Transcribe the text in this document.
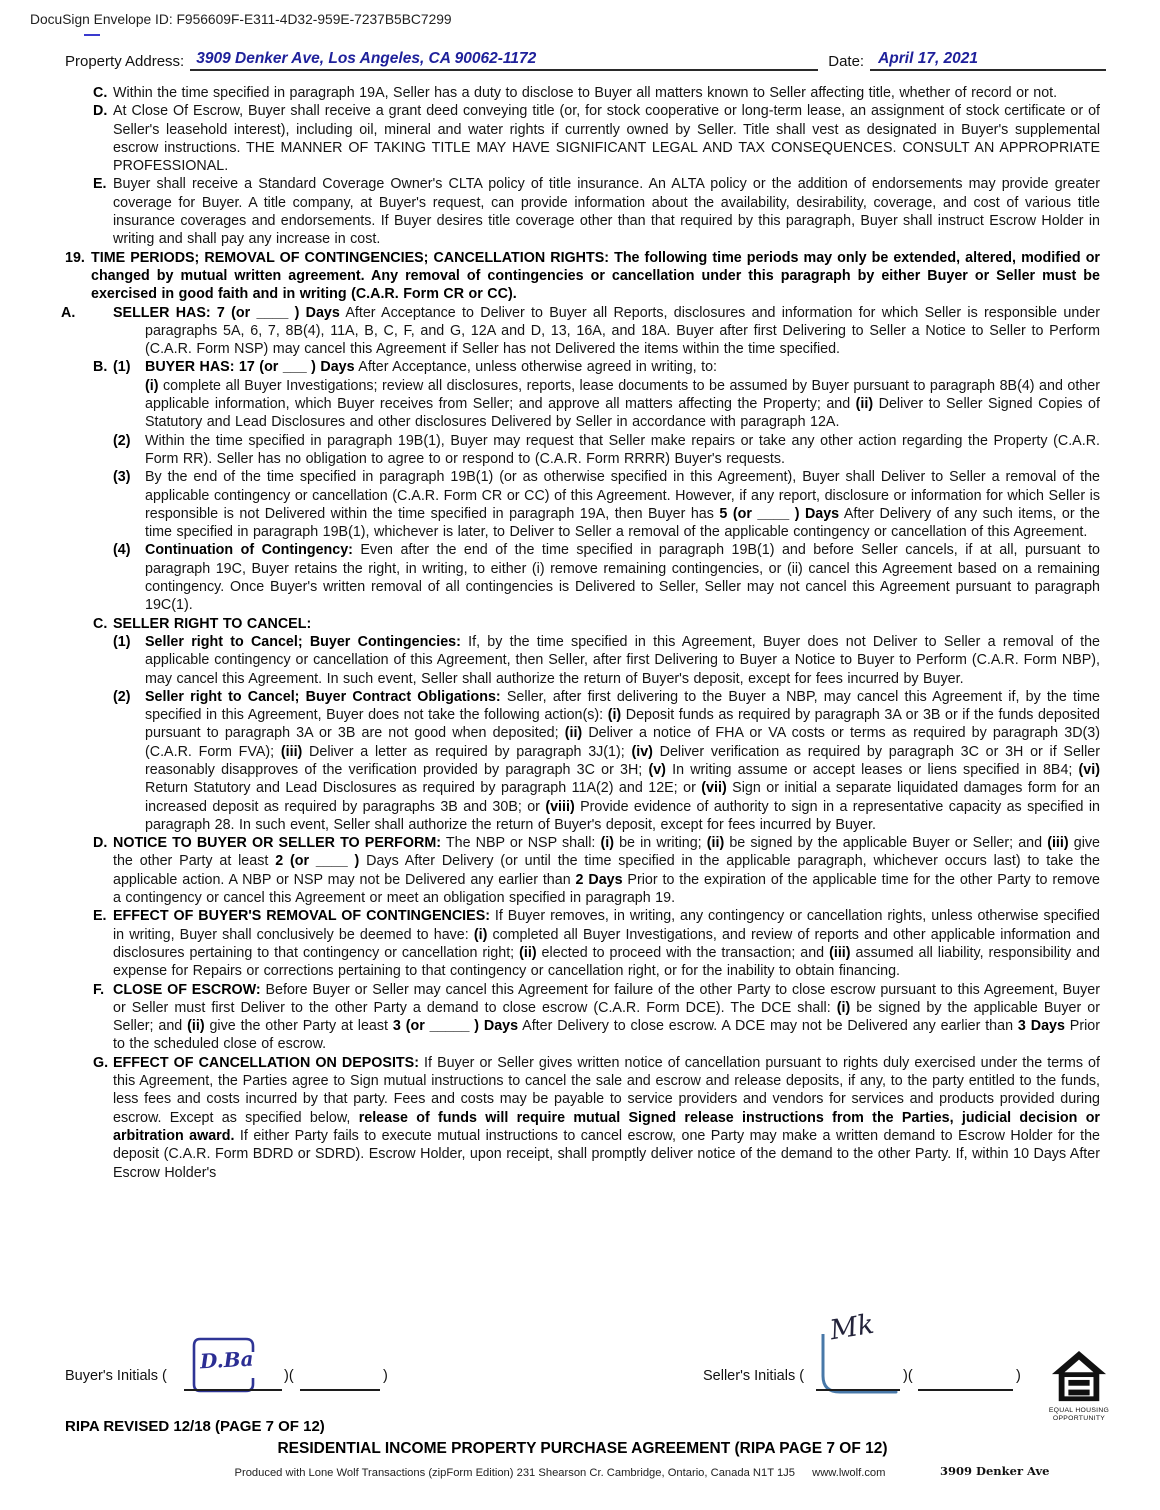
DocuSign Envelope ID: F956609F-E311-4D32-959E-7237B5BC7299
Property Address: 3909 Denker Ave, Los Angeles, CA 90062-1172	Date: April 17, 2021
C. Within the time specified in paragraph 19A, Seller has a duty to disclose to Buyer all matters known to Seller affecting title, whether of record or not.
D. At Close Of Escrow, Buyer shall receive a grant deed conveying title (or, for stock cooperative or long-term lease, an assignment of stock certificate or of Seller's leasehold interest), including oil, mineral and water rights if currently owned by Seller. Title shall vest as designated in Buyer's supplemental escrow instructions. THE MANNER OF TAKING TITLE MAY HAVE SIGNIFICANT LEGAL AND TAX CONSEQUENCES. CONSULT AN APPROPRIATE PROFESSIONAL.
E. Buyer shall receive a Standard Coverage Owner's CLTA policy of title insurance. An ALTA policy or the addition of endorsements may provide greater coverage for Buyer. A title company, at Buyer's request, can provide information about the availability, desirability, coverage, and cost of various title insurance coverages and endorsements. If Buyer desires title coverage other than that required by this paragraph, Buyer shall instruct Escrow Holder in writing and shall pay any increase in cost.
19. TIME PERIODS; REMOVAL OF CONTINGENCIES; CANCELLATION RIGHTS: The following time periods may only be extended, altered, modified or changed by mutual written agreement. Any removal of contingencies or cancellation under this paragraph by either Buyer or Seller must be exercised in good faith and in writing (C.A.R. Form CR or CC).
A.	SELLER HAS: 7 (or ____ ) Days After Acceptance to Deliver to Buyer all Reports, disclosures and information for which Seller is responsible under paragraphs 5A, 6, 7, 8B(4), 11A, B, C, F, and G, 12A and D, 13, 16A, and 18A. Buyer after first Delivering to Seller a Notice to Seller to Perform (C.A.R. Form NSP) may cancel this Agreement if Seller has not Delivered the items within the time specified.
B. (1) BUYER HAS: 17 (or ___ ) Days After Acceptance, unless otherwise agreed in writing, to:
(i) complete all Buyer Investigations; review all disclosures, reports, lease documents to be assumed by Buyer pursuant to paragraph 8B(4) and other applicable information, which Buyer receives from Seller; and approve all matters affecting the Property; and (ii) Deliver to Seller Signed Copies of Statutory and Lead Disclosures and other disclosures Delivered by Seller in accordance with paragraph 12A.
(2) Within the time specified in paragraph 19B(1), Buyer may request that Seller make repairs or take any other action regarding the Property (C.A.R. Form RR). Seller has no obligation to agree to or respond to (C.A.R. Form RRRR) Buyer's requests.
(3) By the end of the time specified in paragraph 19B(1) (or as otherwise specified in this Agreement), Buyer shall Deliver to Seller a removal of the applicable contingency or cancellation (C.A.R. Form CR or CC) of this Agreement. However, if any report, disclosure or information for which Seller is responsible is not Delivered within the time specified in paragraph 19A, then Buyer has 5 (or ____ ) Days After Delivery of any such items, or the time specified in paragraph 19B(1), whichever is later, to Deliver to Seller a removal of the applicable contingency or cancellation of this Agreement.
(4) Continuation of Contingency: Even after the end of the time specified in paragraph 19B(1) and before Seller cancels, if at all, pursuant to paragraph 19C, Buyer retains the right, in writing, to either (i) remove remaining contingencies, or (ii) cancel this Agreement based on a remaining contingency. Once Buyer's written removal of all contingencies is Delivered to Seller, Seller may not cancel this Agreement pursuant to paragraph 19C(1).
C. SELLER RIGHT TO CANCEL:
(1) Seller right to Cancel; Buyer Contingencies: If, by the time specified in this Agreement, Buyer does not Deliver to Seller a removal of the applicable contingency or cancellation of this Agreement, then Seller, after first Delivering to Buyer a Notice to Buyer to Perform (C.A.R. Form NBP), may cancel this Agreement. In such event, Seller shall authorize the return of Buyer's deposit, except for fees incurred by Buyer.
(2) Seller right to Cancel; Buyer Contract Obligations: Seller, after first delivering to the Buyer a NBP, may cancel this Agreement if, by the time specified in this Agreement, Buyer does not take the following action(s): (i) Deposit funds as required by paragraph 3A or 3B or if the funds deposited pursuant to paragraph 3A or 3B are not good when deposited; (ii) Deliver a notice of FHA or VA costs or terms as required by paragraph 3D(3) (C.A.R. Form FVA); (iii) Deliver a letter as required by paragraph 3J(1); (iv) Deliver verification as required by paragraph 3C or 3H or if Seller reasonably disapproves of the verification provided by paragraph 3C or 3H; (v) In writing assume or accept leases or liens specified in 8B4; (vi) Return Statutory and Lead Disclosures as required by paragraph 11A(2) and 12E; or (vii) Sign or initial a separate liquidated damages form for an increased deposit as required by paragraphs 3B and 30B; or (viii) Provide evidence of authority to sign in a representative capacity as specified in paragraph 28. In such event, Seller shall authorize the return of Buyer's deposit, except for fees incurred by Buyer.
D. NOTICE TO BUYER OR SELLER TO PERFORM: The NBP or NSP shall: (i) be in writing; (ii) be signed by the applicable Buyer or Seller; and (iii) give the other Party at least 2 (or ____ ) Days After Delivery (or until the time specified in the applicable paragraph, whichever occurs last) to take the applicable action. A NBP or NSP may not be Delivered any earlier than 2 Days Prior to the expiration of the applicable time for the other Party to remove a contingency or cancel this Agreement or meet an obligation specified in paragraph 19.
E. EFFECT OF BUYER'S REMOVAL OF CONTINGENCIES: If Buyer removes, in writing, any contingency or cancellation rights, unless otherwise specified in writing, Buyer shall conclusively be deemed to have: (i) completed all Buyer Investigations, and review of reports and other applicable information and disclosures pertaining to that contingency or cancellation right; (ii) elected to proceed with the transaction; and (iii) assumed all liability, responsibility and expense for Repairs or corrections pertaining to that contingency or cancellation right, or for the inability to obtain financing.
F. CLOSE OF ESCROW: Before Buyer or Seller may cancel this Agreement for failure of the other Party to close escrow pursuant to this Agreement, Buyer or Seller must first Deliver to the other Party a demand to close escrow (C.A.R. Form DCE). The DCE shall: (i) be signed by the applicable Buyer or Seller; and (ii) give the other Party at least 3 (or _____ ) Days After Delivery to close escrow. A DCE may not be Delivered any earlier than 3 Days Prior to the scheduled close of escrow.
G. EFFECT OF CANCELLATION ON DEPOSITS: If Buyer or Seller gives written notice of cancellation pursuant to rights duly exercised under the terms of this Agreement, the Parties agree to Sign mutual instructions to cancel the sale and escrow and release deposits, if any, to the party entitled to the funds, less fees and costs incurred by that party. Fees and costs may be payable to service providers and vendors for services and products provided during escrow. Except as specified below, release of funds will require mutual Signed release instructions from the Parties, judicial decision or arbitration award. If either Party fails to execute mutual instructions to cancel escrow, one Party may make a written demand to Escrow Holder for the deposit (C.A.R. Form BDRD or SDRD). Escrow Holder, upon receipt, shall promptly deliver notice of the demand to the other Party. If, within 10 Days After Escrow Holder's
Buyer's Initials (
D.Ba
)(	)	Seller's Initials (
Mk
)(	)
EQUAL HOUSING
OPPORTUNITY
RIPA REVISED 12/18 (PAGE 7 OF 12)
RESIDENTIAL INCOME PROPERTY PURCHASE AGREEMENT (RIPA PAGE 7 OF 12)
Produced with Lone Wolf Transactions (zipForm Edition) 231 Shearson Cr. Cambridge, Ontario, Canada N1T 1J5 www.lwolf.com	3909 Denker Ave
